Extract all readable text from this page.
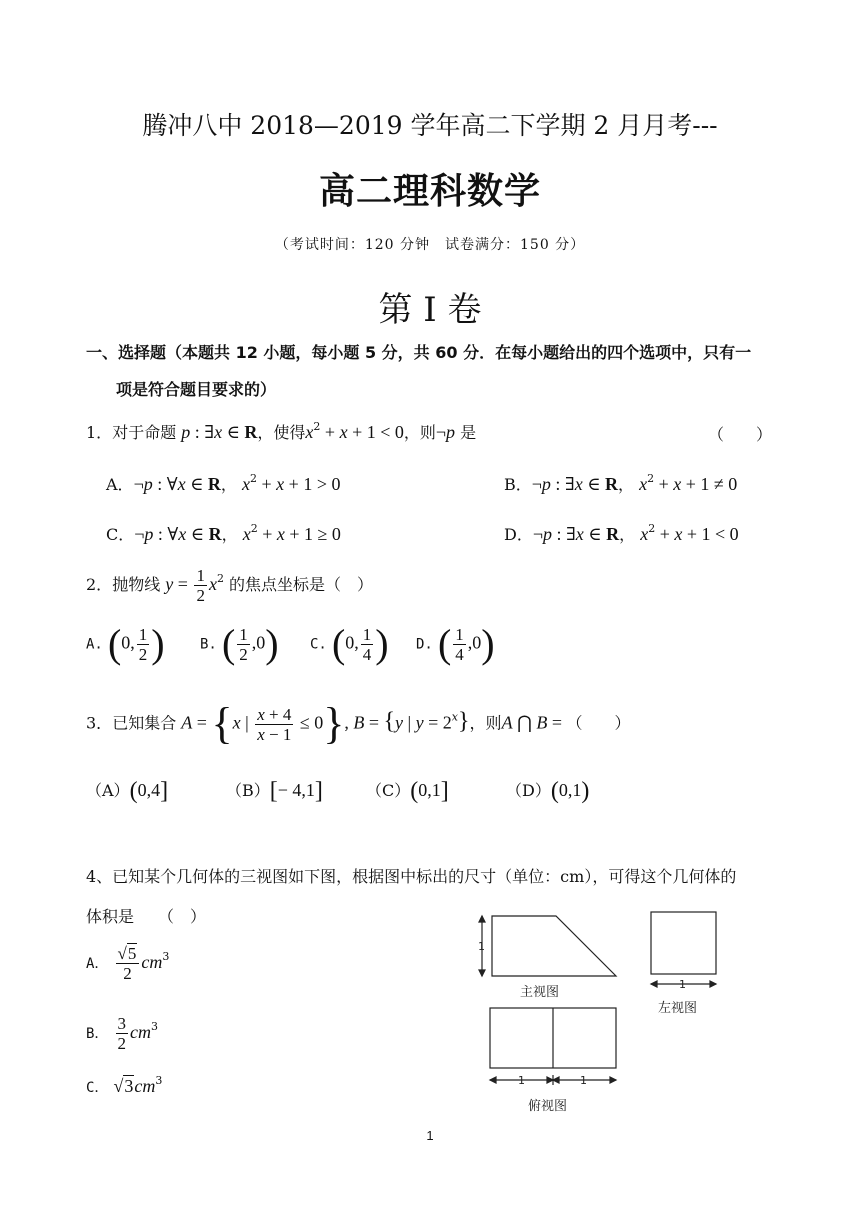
腾冲八中 2018—2019 学年高二下学期 2 月月考---
高二理科数学
（考试时间：120 分钟　试卷满分：150 分）
第 I 卷
一、选择题（本题共 12 小题，每小题 5 分，共 60 分．在每小题给出的四个选项中，只有一
项是符合题目要求的）
1．对于命题 p : ∃x ∈ R，使得$x^2 + x + 1 < 0$，则¬p 是	（　　）
A．¬p : ∀x ∈ R， $x^2 + x + 1 > 0$	B．¬p : ∃x ∈ R， $x^2 + x + 1 \ne 0$
C．¬p : ∀x ∈ R， $x^2 + x + 1 \ge 0$	D．¬p : ∃x ∈ R， $x^2 + x + 1 < 0$
2．抛物线 $y = \frac{1}{2} x^2$ 的焦点坐标是（　）
A. (0, $\frac{1}{2}$ )	B. ( $\frac{1}{2} ,0$) C. (0, $\frac{1}{4}$ ) D. ( $\frac{1}{4} ,0$)
3．已知集合 A = {x | $\frac{x + 4}{x - 1} \le 0$}, B = {y | $y = 2^x$}，则A ⋂ B = （　　）
（A）(0,4]	（B）[− 4,1]	（C）(0,1]	（D）(0,1)
4、已知某个几何体的三视图如下图，根据图中标出的尺寸（单位：cm），可得这个几何体的
体积是　　（　）
A． $\frac{√5}{2} cm^3$
B． $\frac{3}{2} cm^3$
C． $√3cm^3$
1
主视图
1
左视图
1	1
俯视图
1
